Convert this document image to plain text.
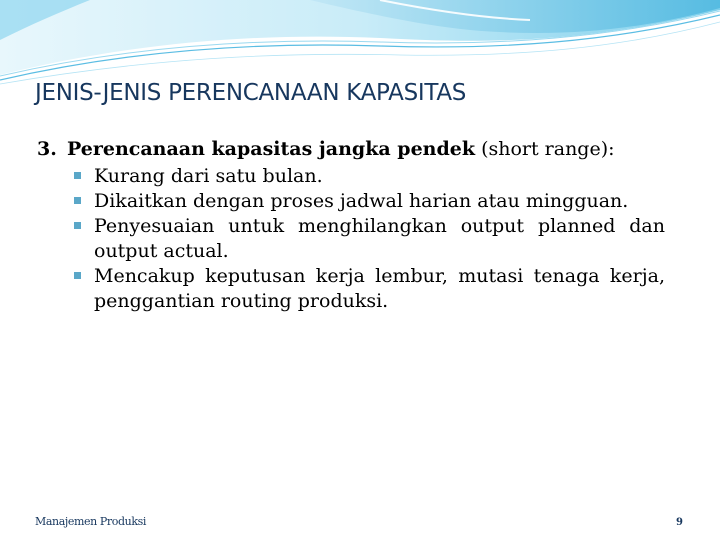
JENIS-JENIS PERENCANAAN KAPASITAS

3. Perencanaan kapasitas jangka pendek (short range):

Kurang dari satu bulan.
Dikaitkan dengan proses jadwal harian atau mingguan.
Penyesuaian untuk menghilangkan output planned dan output actual.
Mencakup keputusan kerja lembur, mutasi tenaga kerja, penggantian routing produksi.
Manajemen Produksi	9
